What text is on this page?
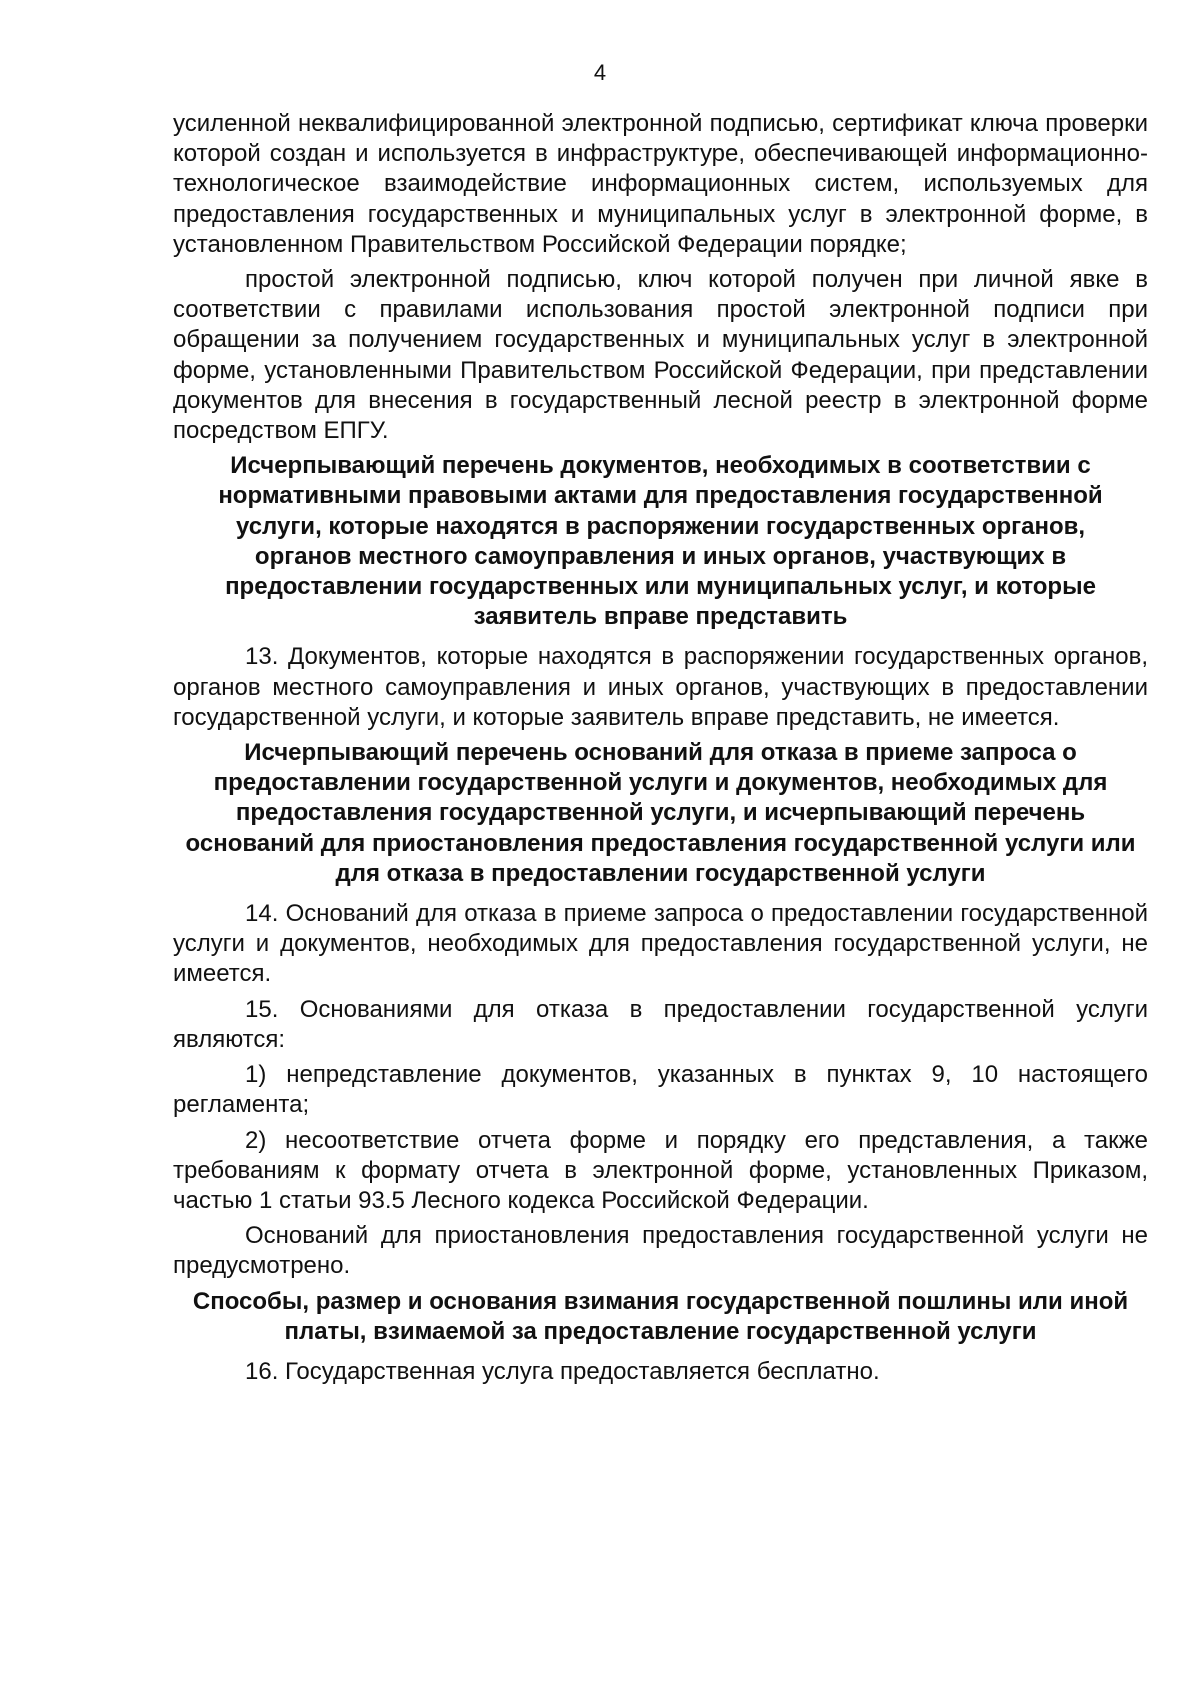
4

усиленной неквалифицированной электронной подписью, сертификат ключа проверки которой создан и используется в инфраструктуре, обеспечивающей информационно-технологическое взаимодействие информационных систем, используемых для предоставления государственных и муниципальных услуг в электронной форме, в установленном Правительством Российской Федерации порядке;

простой электронной подписью, ключ которой получен при личной явке в соответствии с правилами использования простой электронной подписи при обращении за получением государственных и муниципальных услуг в электронной форме, установленными Правительством Российской Федерации, при представлении документов для внесения в государственный лесной реестр в электронной форме посредством ЕПГУ.

Исчерпывающий перечень документов, необходимых в соответствии с нормативными правовыми актами для предоставления государственной услуги, которые находятся в распоряжении государственных органов, органов местного самоуправления и иных органов, участвующих в предоставлении государственных или муниципальных услуг, и которые заявитель вправе представить

13. Документов, которые находятся в распоряжении государственных органов, органов местного самоуправления и иных органов, участвующих в предоставлении государственной услуги, и которые заявитель вправе представить, не имеется.

Исчерпывающий перечень оснований для отказа в приеме запроса о предоставлении государственной услуги и документов, необходимых для предоставления государственной услуги, и исчерпывающий перечень оснований для приостановления предоставления государственной услуги или для отказа в предоставлении государственной услуги

14. Оснований для отказа в приеме запроса о предоставлении государственной услуги и документов, необходимых для предоставления государственной услуги, не имеется.

15. Основаниями для отказа в предоставлении государственной услуги являются:

1) непредставление документов, указанных в пунктах 9, 10 настоящего регламента;

2) несоответствие отчета форме и порядку его представления, а также требованиям к формату отчета в электронной форме, установленных Приказом, частью 1 статьи 93.5 Лесного кодекса Российской Федерации.

Оснований для приостановления предоставления государственной услуги не предусмотрено.

Способы, размер и основания взимания государственной пошлины или иной платы, взимаемой за предоставление государственной услуги

16. Государственная услуга предоставляется бесплатно.
